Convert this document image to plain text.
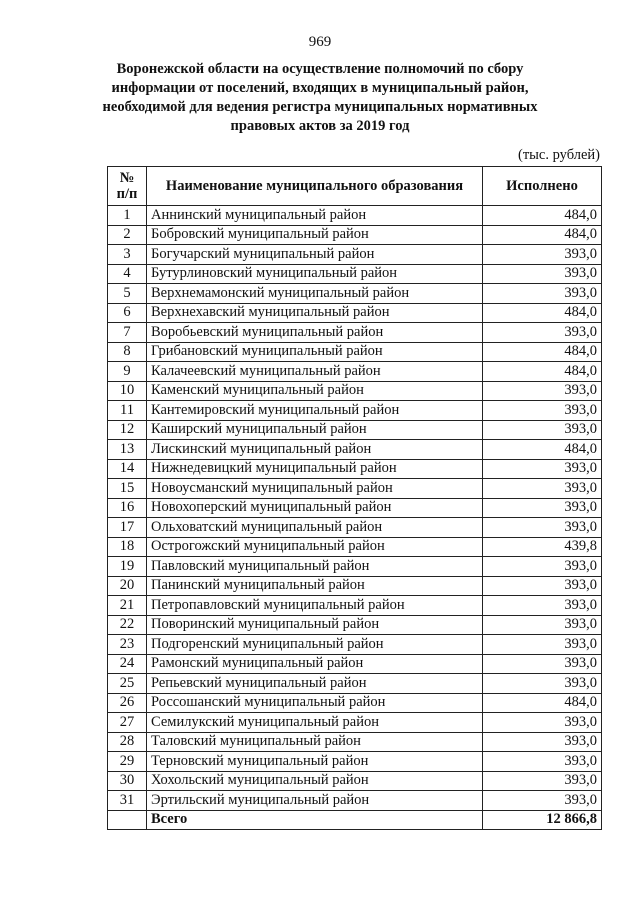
969
Воронежской области на осуществление полномочий по сбору информации от поселений, входящих в муниципальный район, необходимой для ведения регистра муниципальных нормативных правовых актов за 2019 год
(тыс. рублей)
№ п/п	Наименование муниципального образования	Исполнено
1	Аннинский муниципальный район	484,0
2	Бобровский муниципальный район	484,0
3	Богучарский муниципальный район	393,0
4	Бутурлиновский муниципальный район	393,0
5	Верхнемамонский муниципальный район	393,0
6	Верхнехавский муниципальный район	484,0
7	Воробьевский муниципальный район	393,0
8	Грибановский муниципальный район	484,0
9	Калачеевский муниципальный район	484,0
10	Каменский муниципальный район	393,0
11	Кантемировский муниципальный район	393,0
12	Каширский муниципальный район	393,0
13	Лискинский муниципальный район	484,0
14	Нижнедевицкий муниципальный район	393,0
15	Новоусманский муниципальный район	393,0
16	Новохоперский муниципальный район	393,0
17	Ольховатский муниципальный район	393,0
18	Острогожский муниципальный район	439,8
19	Павловский муниципальный район	393,0
20	Панинский муниципальный район	393,0
21	Петропавловский муниципальный район	393,0
22	Поворинский муниципальный район	393,0
23	Подгоренский муниципальный район	393,0
24	Рамонский муниципальный район	393,0
25	Репьевский муниципальный район	393,0
26	Россошанский муниципальный район	484,0
27	Семилукский муниципальный район	393,0
28	Таловский муниципальный район	393,0
29	Терновский муниципальный район	393,0
30	Хохольский муниципальный район	393,0
31	Эртильский муниципальный район	393,0
	Всего	12 866,8
